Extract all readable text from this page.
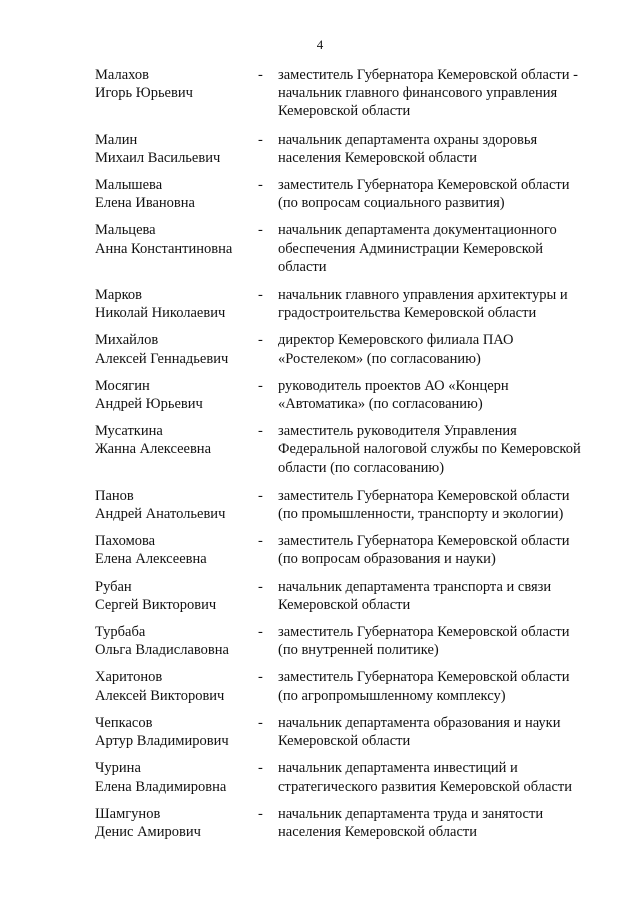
4
Малахов
Игорь Юрьевич
-	заместитель Губернатора Кемеровской области -
начальник главного финансового управления
Кемеровской области
Малин
Михаил Васильевич
-	начальник департамента охраны здоровья
населения Кемеровской области
Малышева
Елена Ивановна
-	заместитель Губернатора Кемеровской области
(по вопросам социального развития)
Мальцева
Анна Константиновна
-	начальник департамента документационного
обеспечения Администрации Кемеровской
области
Марков
Николай Николаевич
-	начальник главного управления архитектуры и
градостроительства Кемеровской области
Михайлов
Алексей Геннадьевич
-	директор Кемеровского филиала ПАО
«Ростелеком» (по согласованию)
Мосягин
Андрей Юрьевич
-	руководитель проектов АО «Концерн
«Автоматика» (по согласованию)
Мусаткина
Жанна Алексеевна
-	заместитель руководителя Управления
Федеральной налоговой службы по Кемеровской
области (по согласованию)
Панов
Андрей Анатольевич
-	заместитель Губернатора Кемеровской области
(по промышленности, транспорту и экологии)
Пахомова
Елена Алексеевна
-	заместитель Губернатора Кемеровской области
(по вопросам образования и науки)
Рубан
Сергей Викторович
-	начальник департамента транспорта и связи
Кемеровской области
Турбаба
Ольга Владиславовна
-	заместитель Губернатора Кемеровской области
(по внутренней политике)
Харитонов
Алексей Викторович
-	заместитель Губернатора Кемеровской области
(по агропромышленному комплексу)
Чепкасов
Артур Владимирович
-	начальник департамента образования и науки
Кемеровской области
Чурина
Елена Владимировна
-	начальник департамента инвестиций и
стратегического развития Кемеровской области
Шамгунов
Денис Амирович
-	начальник департамента труда и занятости
населения Кемеровской области
